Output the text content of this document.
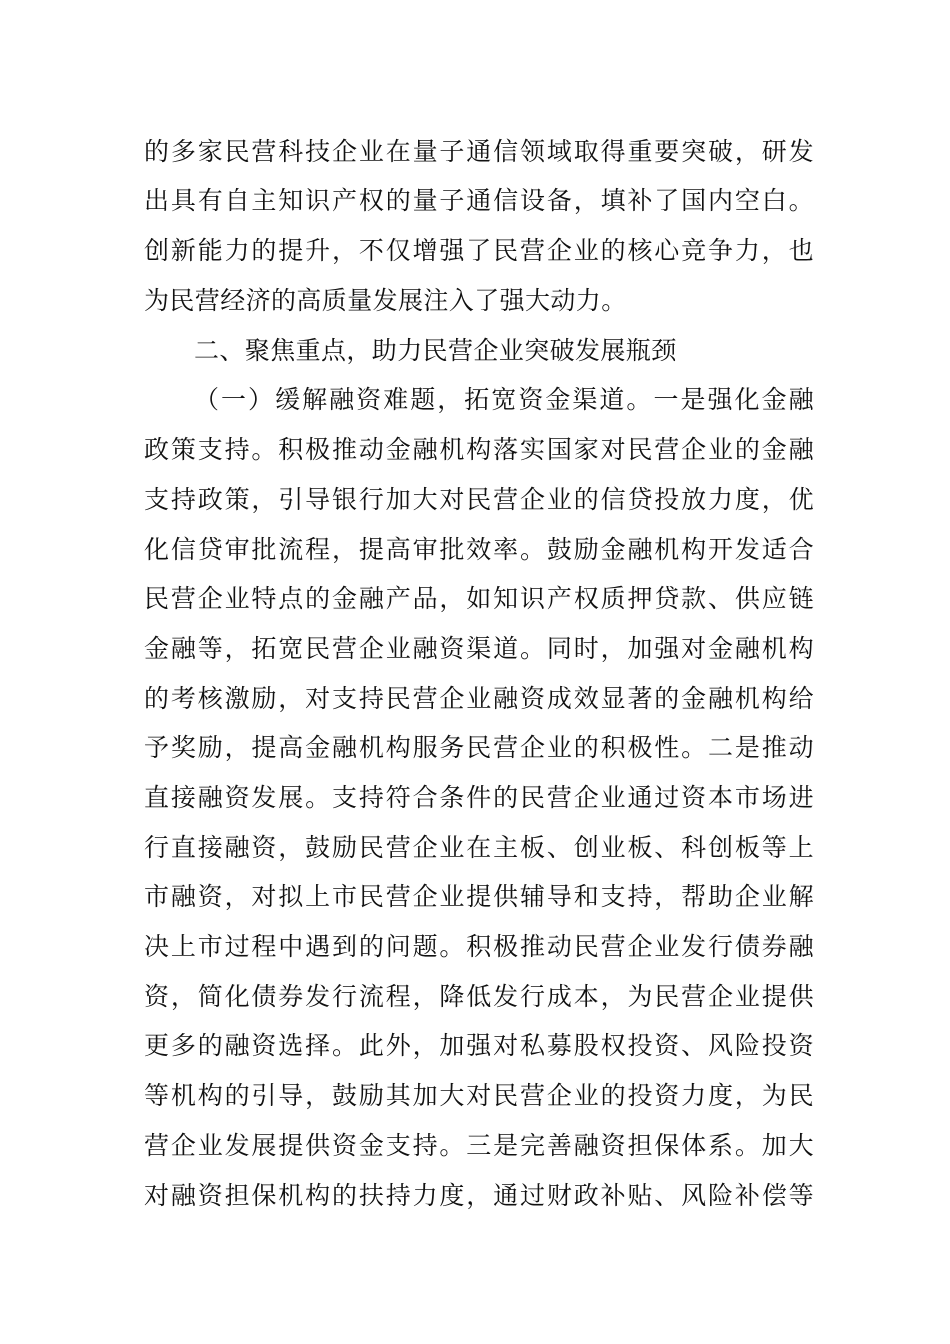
的多家民营科技企业在量子通信领域取得重要突破，研发
出具有自主知识产权的量子通信设备，填补了国内空白。
创新能力的提升，不仅增强了民营企业的核心竞争力，也
为民营经济的高质量发展注入了强大动力。
二、聚焦重点，助力民营企业突破发展瓶颈
（一）缓解融资难题，拓宽资金渠道。一是强化金融
政策支持。积极推动金融机构落实国家对民营企业的金融
支持政策，引导银行加大对民营企业的信贷投放力度，优
化信贷审批流程，提高审批效率。鼓励金融机构开发适合
民营企业特点的金融产品，如知识产权质押贷款、供应链
金融等，拓宽民营企业融资渠道。同时，加强对金融机构
的考核激励，对支持民营企业融资成效显著的金融机构给
予奖励，提高金融机构服务民营企业的积极性。二是推动
直接融资发展。支持符合条件的民营企业通过资本市场进
行直接融资，鼓励民营企业在主板、创业板、科创板等上
市融资，对拟上市民营企业提供辅导和支持，帮助企业解
决上市过程中遇到的问题。积极推动民营企业发行债券融
资，简化债券发行流程，降低发行成本，为民营企业提供
更多的融资选择。此外，加强对私募股权投资、风险投资
等机构的引导，鼓励其加大对民营企业的投资力度，为民
营企业发展提供资金支持。三是完善融资担保体系。加大
对融资担保机构的扶持力度，通过财政补贴、风险补偿等
